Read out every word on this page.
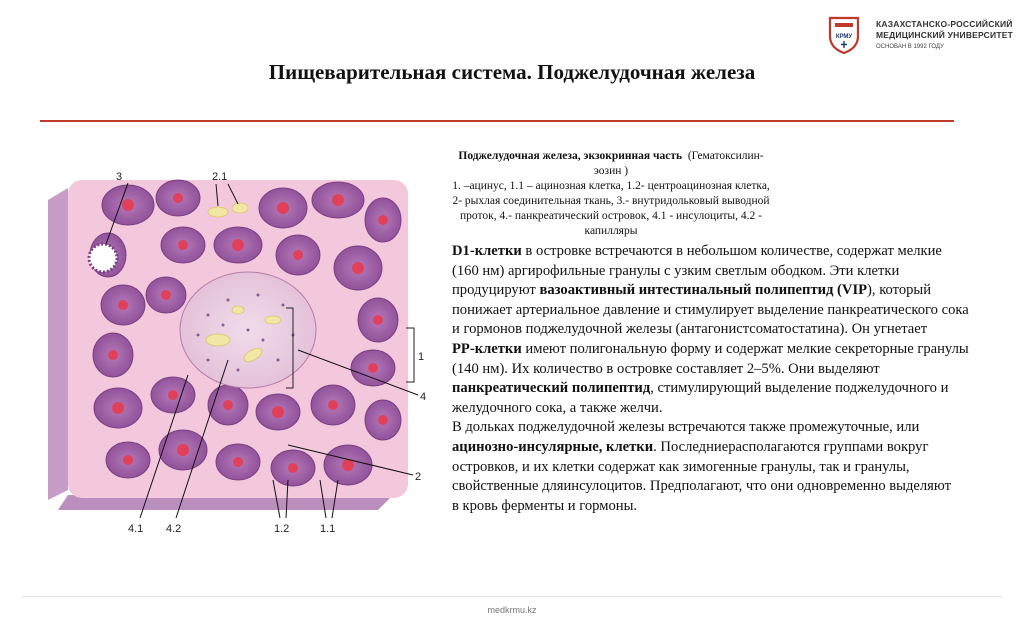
КРМУ
КАЗАХСТАНСКО-РОССИЙСКИЙ
МЕДИЦИНСКИЙ УНИВЕРСИТЕТ
ОСНОВАН В 1992 ГОДУ
Пищеварительная система. Поджелудочная железа
3	2.1
1
4
2
4.1 4.2	1.2	1.1
Поджелудочная железа, экзокринная часть (Гематоксилин- эозин )
1. –ацинус, 1.1 – ацинозная клетка, 1.2- центроацинозная клетка, 2- рыхлая соединительная ткань, 3.- внутридольковый выводной проток, 4.- панкреатический островок, 4.1 - инсулоциты, 4.2 - капилляры
D1-клетки в островке встречаются в небольшом количестве, содержат мелкие (160 нм) аргирофильные гранулы с узким светлым ободком. Эти клетки продуцируют вазоактивный интестинальный полипептид (VIP), который понижает артериальное давление и стимулирует выделение панкреатического сока и гормонов поджелудочной железы (антагонистсоматостатина). Он угнетает
PP-клетки имеют полигональную форму и содержат мелкие секреторные гранулы (140 нм). Их количество в островке составляет 2–5%. Они выделяют панкреатический полипептид, стимулирующий выделение поджелудочного и желудочного сока, а также желчи.
В дольках поджелудочной железы встречаются также промежуточные, или ацинозно-инсулярные, клетки. Последниерасполагаются группами вокруг островков, и их клетки содержат как зимогенные гранулы, так и гранулы, свойственные дляинсулоцитов. Предполагают, что они одновременно выделяют
в кровь ферменты и гормоны.
medkrmu.kz
